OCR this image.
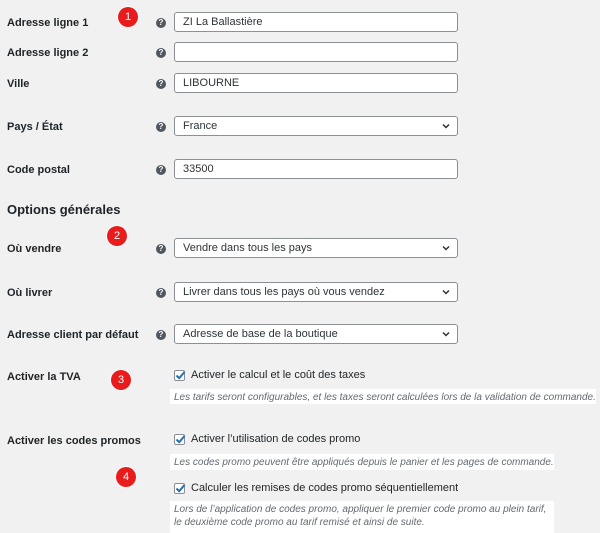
1
Adresse ligne 1	?	ZI La Ballastière
Adresse ligne 2	?
Ville	?	LIBOURNE
Pays / État	?	France
Code postal	?	33500
Options générales
2
Où vendre	?	Vendre dans tous les pays
Où livrer	?	Livrer dans tous les pays où vous vendez
Adresse client par défaut	?	Adresse de base de la boutique
3
Activer la TVA	Activer le calcul et le coût des taxes
Les tarifs seront configurables, et les taxes seront calculées lors de la validation de commande.
Activer les codes promos	Activer l’utilisation de codes promo
Les codes promo peuvent être appliqués depuis le panier et les pages de commande.
4
Calculer les remises de codes promo séquentiellement
Lors de l’application de codes promo, appliquer le premier code promo au plein tarif,
le deuxième code promo au tarif remisé et ainsi de suite.
